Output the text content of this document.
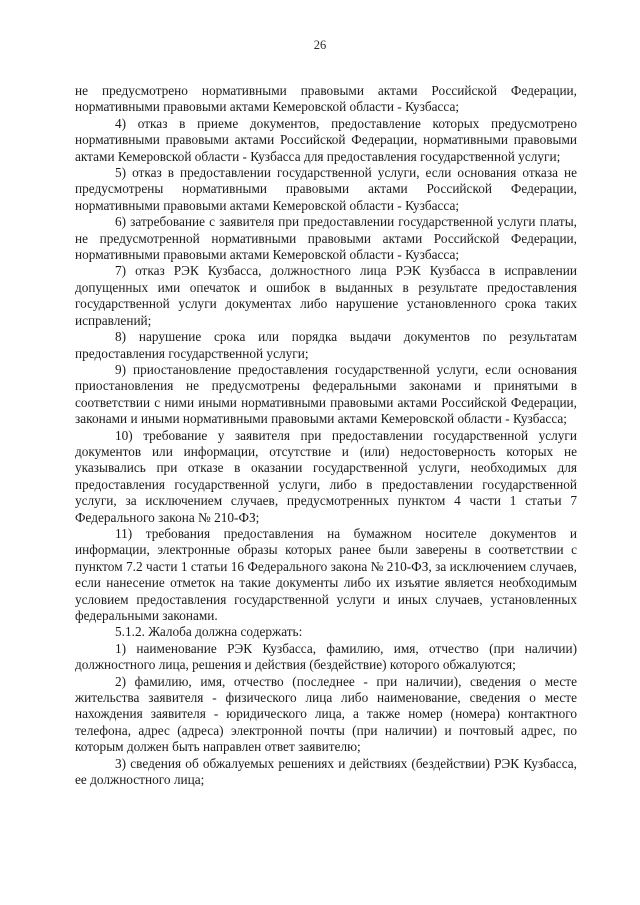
26

не предусмотрено нормативными правовыми актами Российской Федерации, нормативными правовыми актами Кемеровской области - Кузбасса;

4) отказ в приеме документов, предоставление которых предусмотрено нормативными правовыми актами Российской Федерации, нормативными правовыми актами Кемеровской области - Кузбасса для предоставления государственной услуги;

5) отказ в предоставлении государственной услуги, если основания отказа не предусмотрены нормативными правовыми актами Российской Федерации, нормативными правовыми актами Кемеровской области - Кузбасса;

6) затребование с заявителя при предоставлении государственной услуги платы, не предусмотренной нормативными правовыми актами Российской Федерации, нормативными правовыми актами Кемеровской области - Кузбасса;

7) отказ РЭК Кузбасса, должностного лица РЭК Кузбасса в исправлении допущенных ими опечаток и ошибок в выданных в результате предоставления государственной услуги документах либо нарушение установленного срока таких исправлений;

8) нарушение срока или порядка выдачи документов по результатам предоставления государственной услуги;

9) приостановление предоставления государственной услуги, если основания приостановления не предусмотрены федеральными законами и принятыми в соответствии с ними иными нормативными правовыми актами Российской Федерации, законами и иными нормативными правовыми актами Кемеровской области - Кузбасса;

10) требование у заявителя при предоставлении государственной услуги документов или информации, отсутствие и (или) недостоверность которых не указывались при отказе в оказании государственной услуги, необходимых для предоставления государственной услуги, либо в предоставлении государственной услуги, за исключением случаев, предусмотренных пунктом 4 части 1 статьи 7 Федерального закона № 210-ФЗ;

11) требования предоставления на бумажном носителе документов и информации, электронные образы которых ранее были заверены в соответствии с пунктом 7.2 части 1 статьи 16 Федерального закона № 210-ФЗ, за исключением случаев, если нанесение отметок на такие документы либо их изъятие является необходимым условием предоставления государственной услуги и иных случаев, установленных федеральными законами.

5.1.2. Жалоба должна содержать:

1) наименование РЭК Кузбасса, фамилию, имя, отчество (при наличии) должностного лица, решения и действия (бездействие) которого обжалуются;

2) фамилию, имя, отчество (последнее - при наличии), сведения о месте жительства заявителя - физического лица либо наименование, сведения о месте нахождения заявителя - юридического лица, а также номер (номера) контактного телефона, адрес (адреса) электронной почты (при наличии) и почтовый адрес, по которым должен быть направлен ответ заявителю;

3) сведения об обжалуемых решениях и действиях (бездействии) РЭК Кузбасса, ее должностного лица;
